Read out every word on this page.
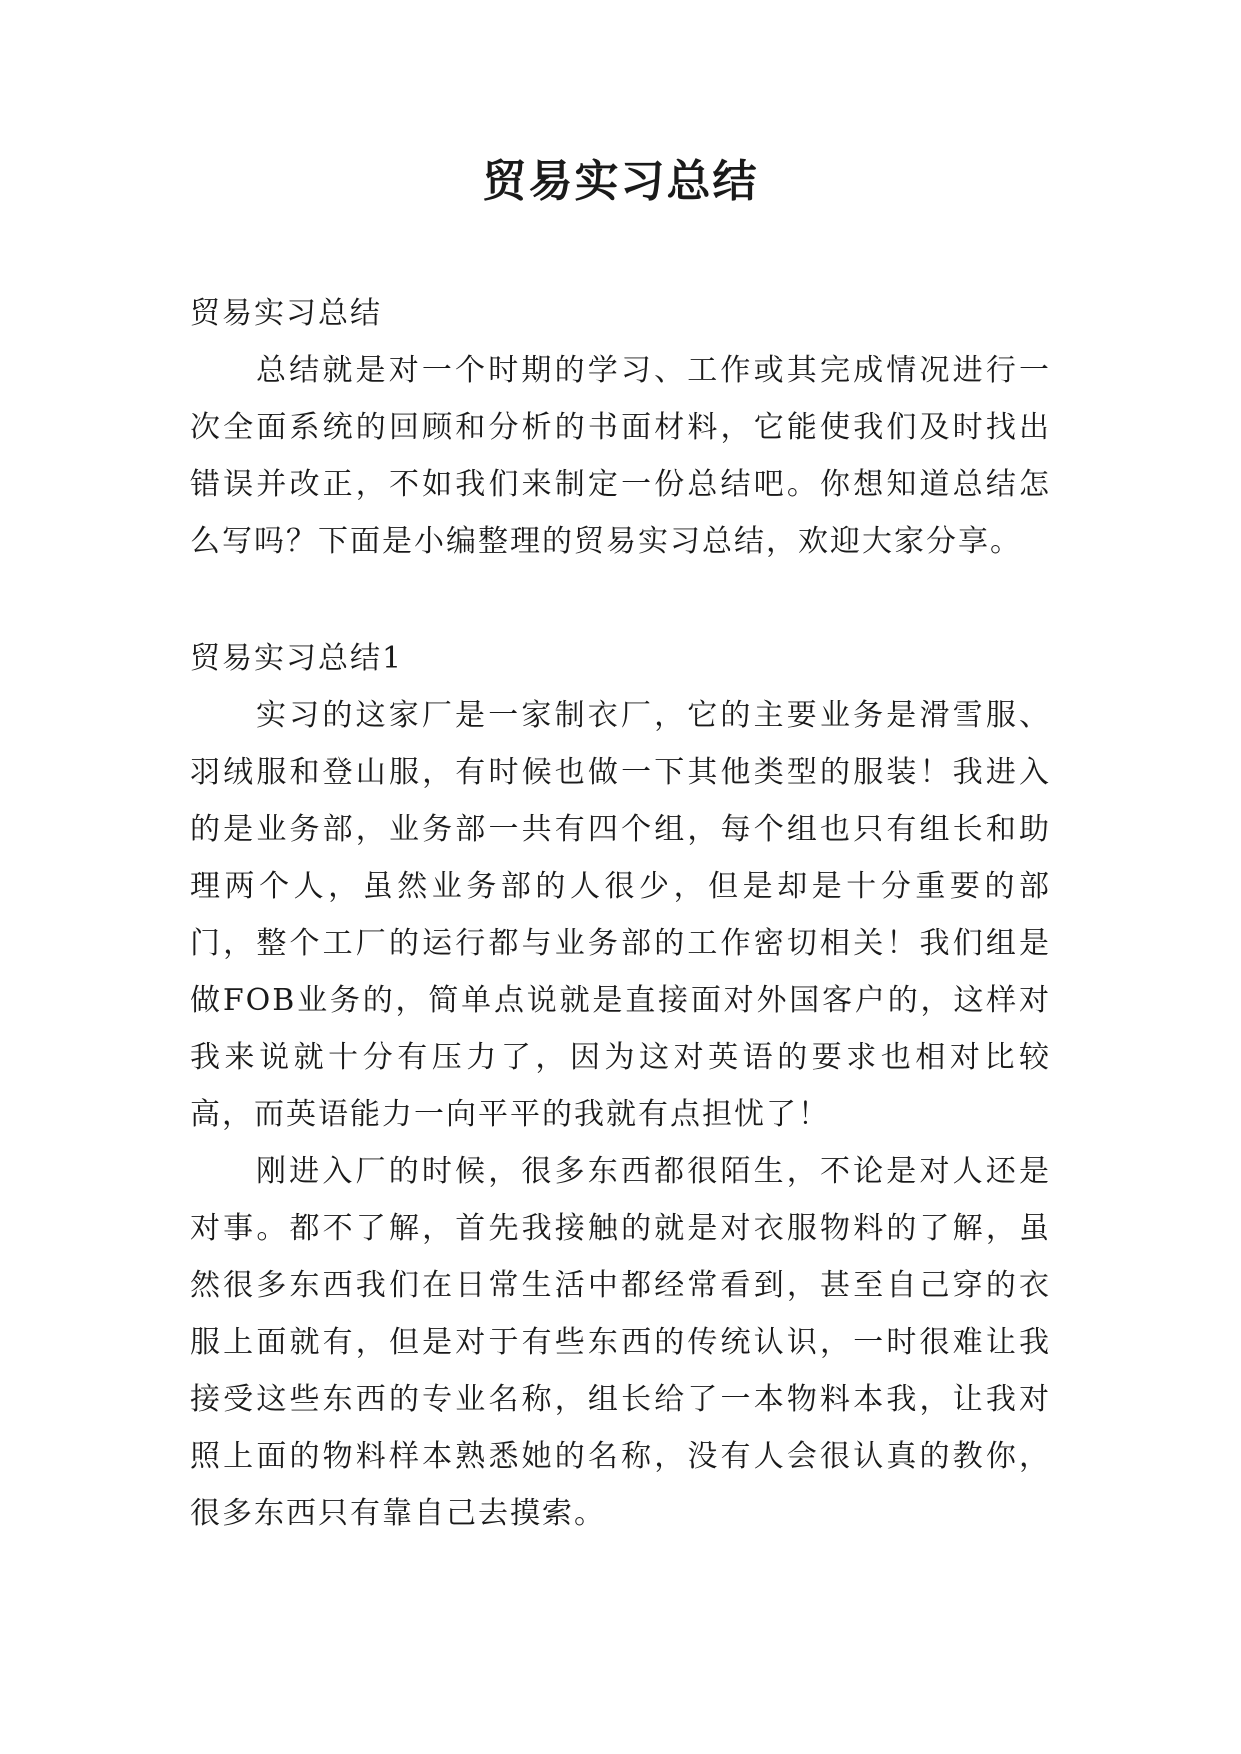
贸易实习总结

贸易实习总结

总结就是对一个时期的学习、工作或其完成情况进行一次全面系统的回顾和分析的书面材料，它能使我们及时找出错误并改正，不如我们来制定一份总结吧。你想知道总结怎么写吗？下面是小编整理的贸易实习总结，欢迎大家分享。

贸易实习总结1

实习的这家厂是一家制衣厂，它的主要业务是滑雪服、羽绒服和登山服，有时候也做一下其他类型的服装！我进入的是业务部，业务部一共有四个组，每个组也只有组长和助理两个人，虽然业务部的人很少，但是却是十分重要的部门，整个工厂的运行都与业务部的工作密切相关！我们组是做FOB业务的，简单点说就是直接面对外国客户的，这样对我来说就十分有压力了，因为这对英语的要求也相对比较高，而英语能力一向平平的我就有点担忧了！

刚进入厂的时候，很多东西都很陌生，不论是对人还是对事。都不了解，首先我接触的就是对衣服物料的了解，虽然很多东西我们在日常生活中都经常看到，甚至自己穿的衣服上面就有，但是对于有些东西的传统认识，一时很难让我接受这些东西的专业名称，组长给了一本物料本我，让我对照上面的物料样本熟悉她的名称，没有人会很认真的教你，很多东西只有靠自己去摸索。
